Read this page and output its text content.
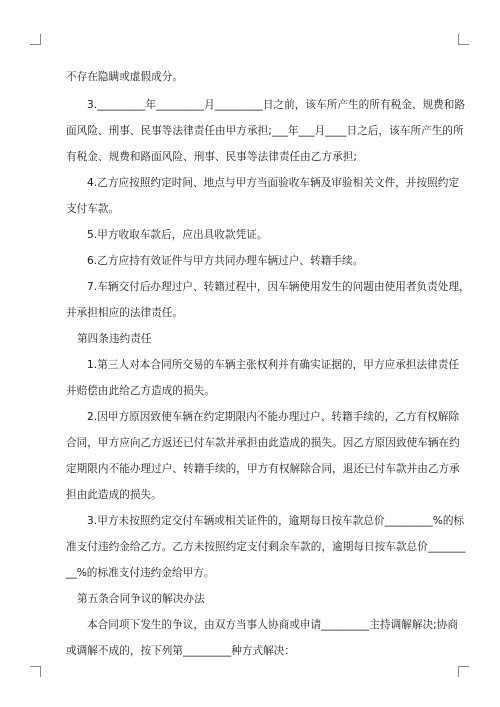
不存在隐瞒或虚假成分。
3._________年_________月_________日之前，该车所产生的所有税金、规费和路
面风险、刑事、民事等法律责任由甲方承担;___年___月____日之后，该车所产生的所
有税金、规费和路面风险、刑事、民事等法律责任由乙方承担;
4.乙方应按照约定时间、地点与甲方当面验收车辆及审验相关文件，并按照约定
支付车款。
5.甲方收取车款后，应出具收款凭证。
6.乙方应持有效证件与甲方共同办理车辆过户、转籍手续。
7.车辆交付后办理过户、转籍过程中，因车辆使用发生的问题由使用者负责处理，
并承担相应的法律责任。
第四条违约责任
1.第三人对本合同所交易的车辆主张权利并有确实证据的，甲方应承担法律责任
并赔偿由此给乙方造成的损失。
2.因甲方原因致使车辆在约定期限内不能办理过户、转籍手续的，乙方有权解除
合同，甲方应向乙方返还已付车款并承担由此造成的损失。因乙方原因致使车辆在约
定期限内不能办理过户、转籍手续的，甲方有权解除合同，退还已付车款并由乙方承
担由此造成的损失。
3.甲方未按照约定交付车辆或相关证件的，逾期每日按车款总价_________%的标
准支付违约金给乙方。乙方未按照约定支付剩余车款的，逾期每日按车款总价_______
__%的标准支付违约金给甲方。
第五条合同争议的解决办法
本合同项下发生的争议，由双方当事人协商或申请_________主持调解解决;协商
或调解不成的，按下列第_________种方式解决：
